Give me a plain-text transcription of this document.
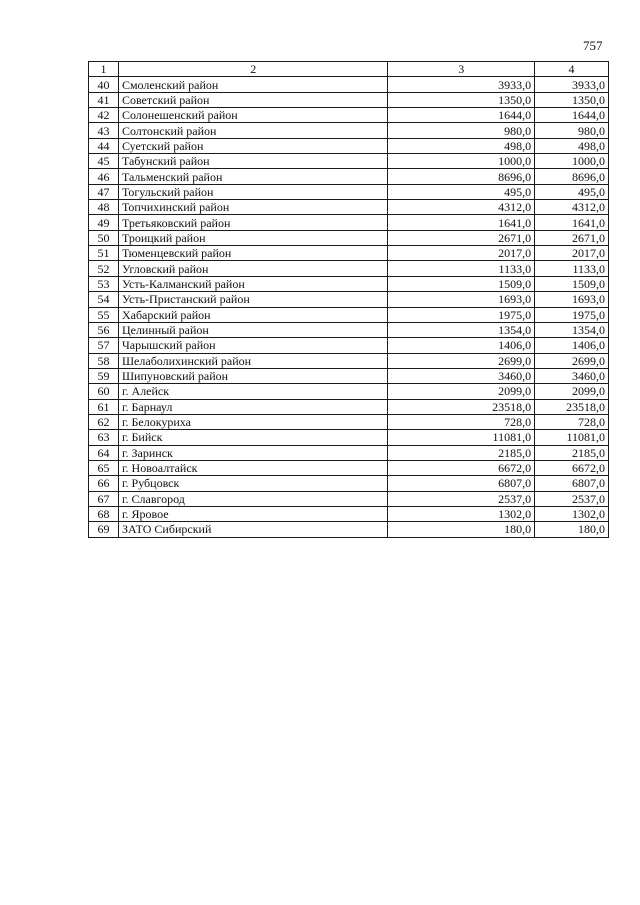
757
1	2	3	4
40	Смоленский район	3933,0	3933,0
41	Советский район	1350,0	1350,0
42	Солонешенский район	1644,0	1644,0
43	Солтонский район	980,0	980,0
44	Суетский район	498,0	498,0
45	Табунский район	1000,0	1000,0
46	Тальменский район	8696,0	8696,0
47	Тогульский район	495,0	495,0
48	Топчихинский район	4312,0	4312,0
49	Третьяковский район	1641,0	1641,0
50	Троицкий район	2671,0	2671,0
51	Тюменцевский район	2017,0	2017,0
52	Угловский район	1133,0	1133,0
53	Усть-Калманский район	1509,0	1509,0
54	Усть-Пристанский район	1693,0	1693,0
55	Хабарский район	1975,0	1975,0
56	Целинный район	1354,0	1354,0
57	Чарышский район	1406,0	1406,0
58	Шелаболихинский район	2699,0	2699,0
59	Шипуновский район	3460,0	3460,0
60	г. Алейск	2099,0	2099,0
61	г. Барнаул	23518,0	23518,0
62	г. Белокуриха	728,0	728,0
63	г. Бийск	11081,0	11081,0
64	г. Заринск	2185,0	2185,0
65	г. Новоалтайск	6672,0	6672,0
66	г. Рубцовск	6807,0	6807,0
67	г. Славгород	2537,0	2537,0
68	г. Яровое	1302,0	1302,0
69	ЗАТО Сибирский	180,0	180,0
